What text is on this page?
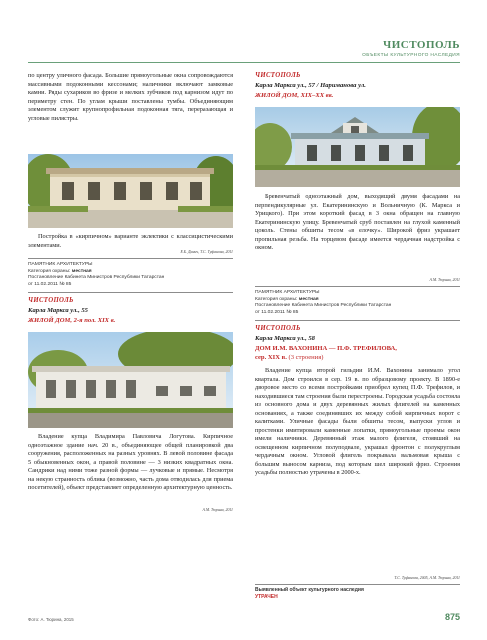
ЧИСТОПОЛЬ
ОБЪЕКТЫ КУЛЬТУРНОГО НАСЛЕДИЯ

по центру уличного фасада. Большие прямоугольные окна сопровождаются массивными подоконными кессонами; наличники включают замковые камни. Ряды сухариков во фризе и мелких зубчиков под карнизом идут по периметру стен. По углам крыши поставлены тумбы. Объединяющим элементом служит крупнопрофильная подоконная тяга, переразающая и угловые пилястры.

Постройка в «кирпичном» варианте эклектики с классицистическими элементами.

Е.Б. Данич, Т.С. Туфанова, 2011
ПАМЯТНИК АРХИТЕКТУРЫ
Категория охраны: местная
Постановление Кабинета Министров Республики Татарстан
от 11.02.2011 № 85
ЧИСТОПОЛЬ
Карла Маркса ул., 55
ЖИЛОЙ ДОМ, 2-я пол. XIX в.

Владение купца Владимира Павловича Логутова. Кирпичное одноэтажное здание нач. 20 в., объединяющее общей планировкой два сооружения, расположенных на разных уровнях. В левой половине фасада 5 обыкновенных окон, а правой половине — 3 низких квадратных окна. Сандрики над ними тоже разной формы — лучковые и прямые. Несмотря на некую странность облика (возможно, часть дома отводилась для приема посетителей), объект представляет определенную архитектурную ценность.

А.М. Тюрина, 2011
ЧИСТОПОЛЬ
Карла Маркса ул., 57 / Нариманова ул.
ЖИЛОЙ ДОМ, XIX–XX вв.

Бревенчатый одноэтажный дом, выходящий двумя фасадами на перпендикулярные ул. Екатерининскую и Вольничную (К. Маркса и Урицкого). При этом короткий фасад в 3 окна обращен на главную Екатерининскую улицу. Бревенчатый сруб поставлен на глухой каменный цоколь. Стены обшиты тесом «в елочку». Широкой фриз украшает пропильная резьба. На торцевом фасаде имеется чердачная надстройка с окном.

А.М. Тюрина, 2011
ПАМЯТНИК АРХИТЕКТУРЫ
Категория охраны: местная
Постановление Кабинета Министров Республики Татарстан
от 11.02.2011 № 85
ЧИСТОПОЛЬ
Карла Маркса ул., 58
ДОМ И.М. ВАХОНИНА — П.Ф. ТРЕФИЛОВА,
сер. XIX в. (3 строения)

Владение купца второй гильдии И.М. Вахонина занимало угол квартала. Дом строился в сер. 19 в. по образцовому проекту. В 1890-е дворовое место со всеми постройками приобрел купец П.Ф. Трефилов, и находившиеся там строения были перестроены. Городская усадьба состояла из основного дома и двух деревянных жилых флигелей на каменных основаниях, а также соединявших их между собой кирпичных ворот с калитками. Уличные фасады были обшиты тесом, выпуски углов и простенки имитировали каменные лопатки, прямоугольные проемы окон имели наличники. Деревянный этаж малого флигеля, стоявший на освещенном кирпичном полуподвале, украшал фронтон с полукруглым чердачным окном. Угловой флигель покрывала вальмовая крыша с большим выносом карниза, под которым шел широкий фриз. Строения усадьбы полностью утрачены в 2000-х.

Т.С. Туфанова, 2005, А.М. Тюрина, 2011
Выявленный объект культурного наследия
УТРАЧЕН
Фото: А. Тюрина, 2015	875
